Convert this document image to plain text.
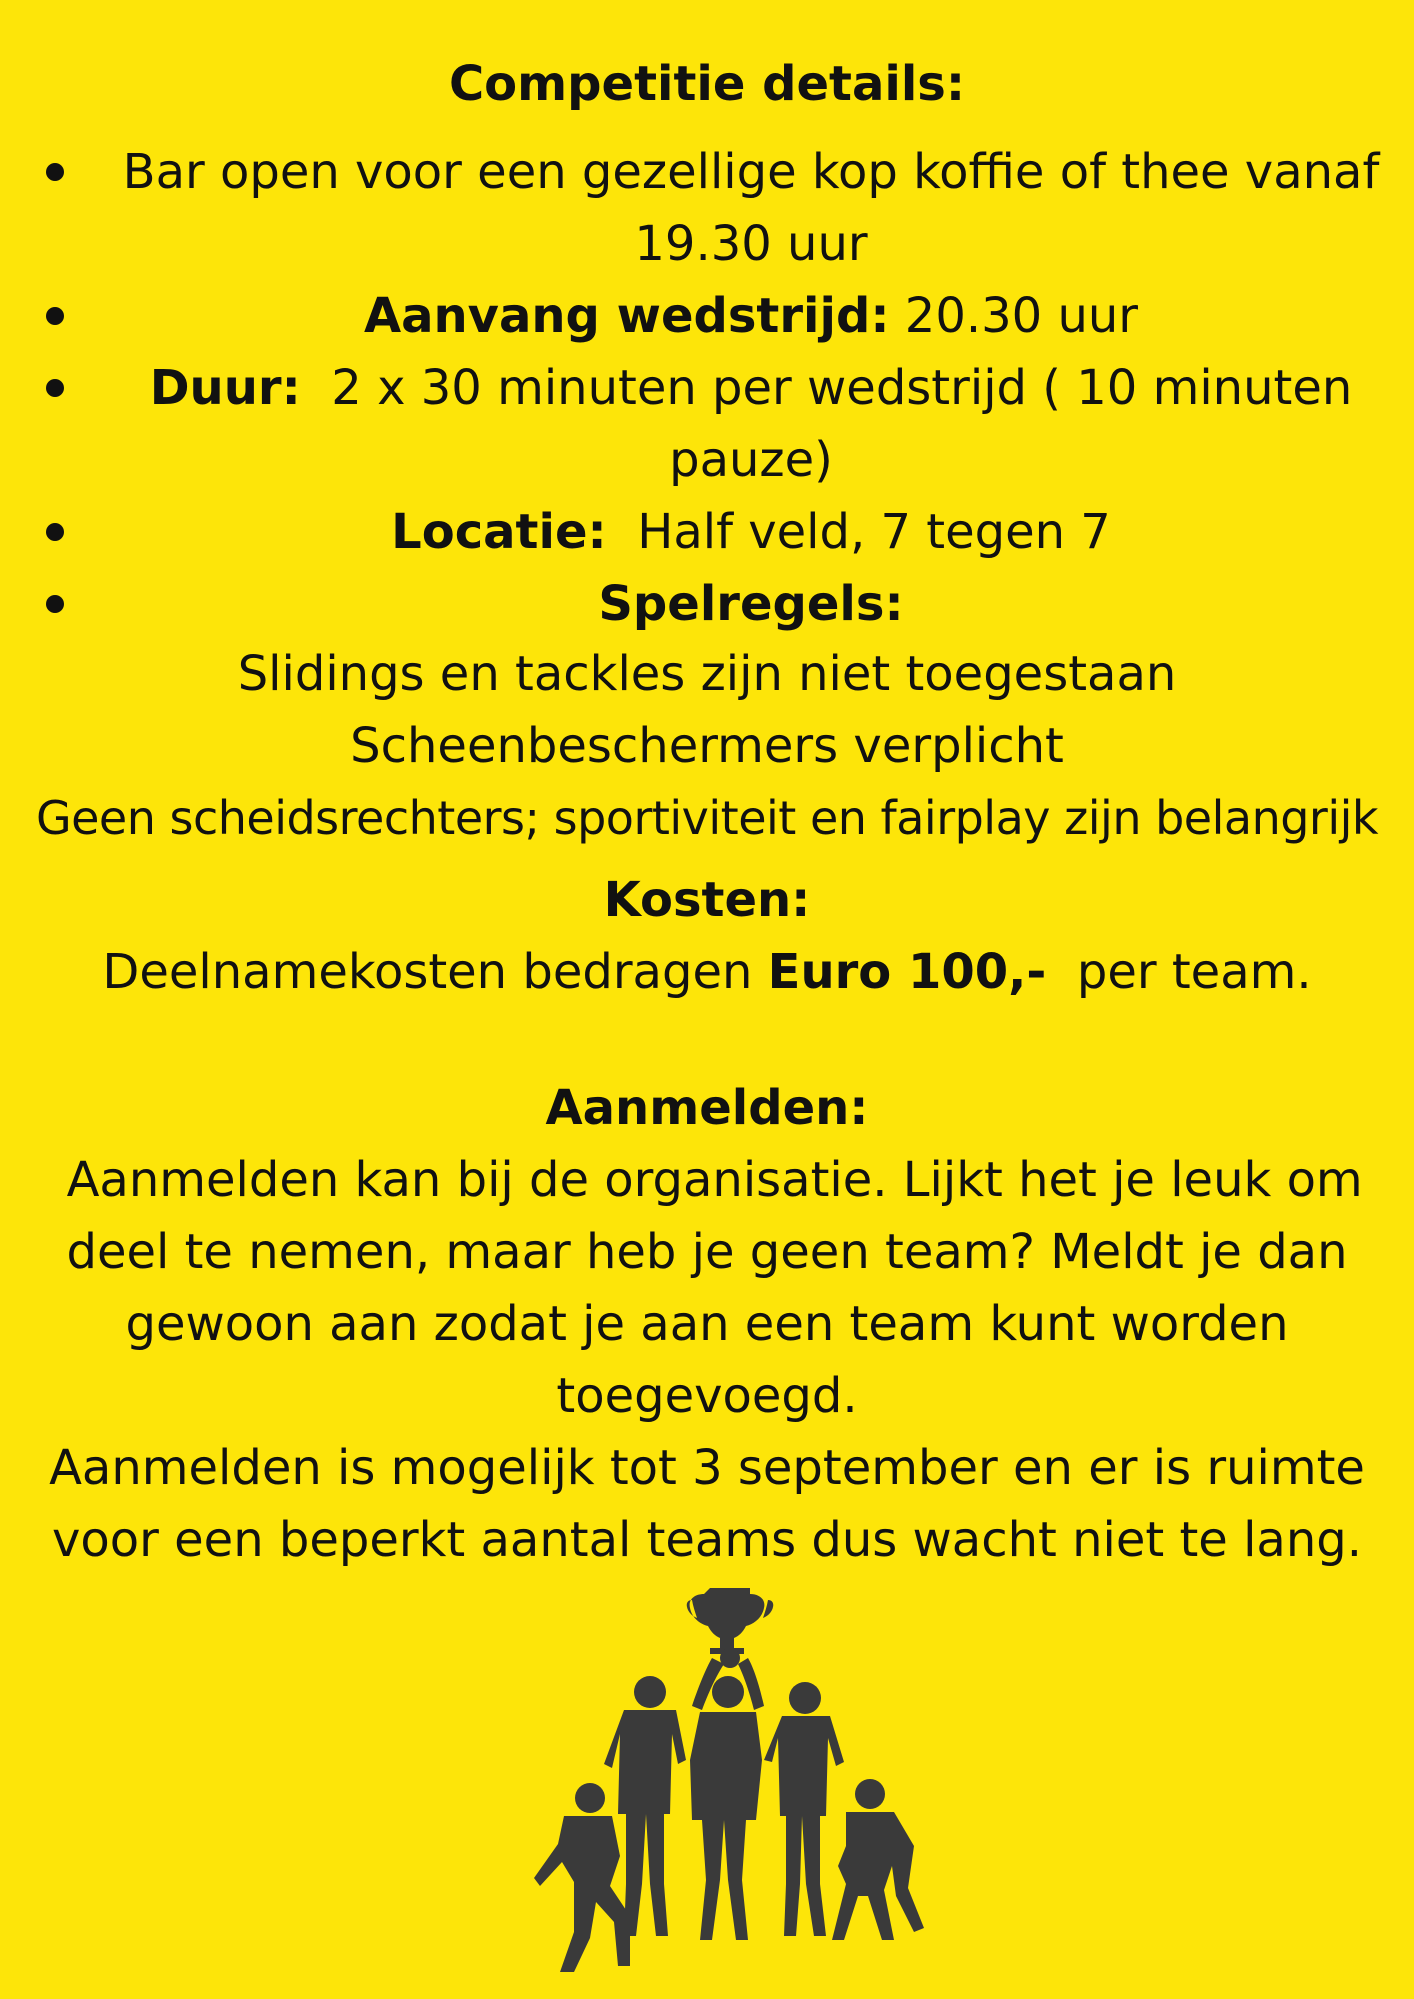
Competitie details:
Bar open voor een gezellige kop koffie of thee vanaf
19.30 uur
Aanvang wedstrijd: 20.30 uur
Duur:  2 x 30 minuten per wedstrijd ( 10 minuten
pauze)
Locatie:  Half veld, 7 tegen 7
Spelregels:
Slidings en tackles zijn niet toegestaan
Scheenbeschermers verplicht
Geen scheidsrechters; sportiviteit en fairplay zijn belangrijk
Kosten:
Deelnamekosten bedragen Euro 100,-  per team.
Aanmelden:
Aanmelden kan bij de organisatie. Lijkt het je leuk om
deel te nemen, maar heb je geen team? Meldt je dan
gewoon aan zodat je aan een team kunt worden
toegevoegd.
Aanmelden is mogelijk tot 3 september en er is ruimte
voor een beperkt aantal teams dus wacht niet te lang.
